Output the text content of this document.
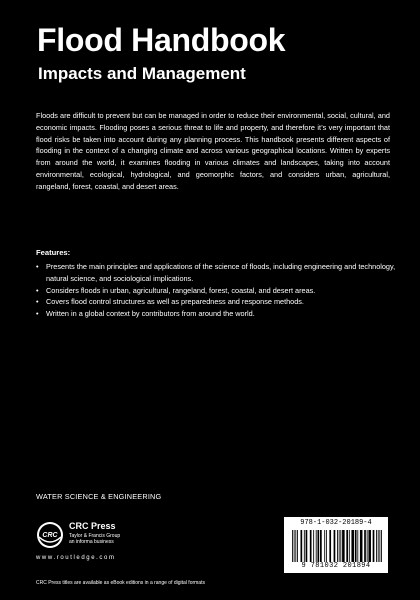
Flood Handbook
Impacts and Management

Floods are difficult to prevent but can be managed in order to reduce their environmental, social, cultural, and economic impacts. Flooding poses a serious threat to life and property, and therefore it’s very important that flood risks be taken into account during any planning process. This handbook presents different aspects of flooding in the context of a changing climate and across various geographical locations. Written by experts from around the world, it examines flooding in various climates and landscapes, taking into account environmental, ecological, hydrological, and geomorphic factors, and considers urban, agricultural, rangeland, forest, coastal, and desert areas.

Features:

• Presents the main principles and applications of the science of floods, including engineering and technology, natural science, and sociological implications.
• Considers floods in urban, agricultural, rangeland, forest, coastal, and desert areas.
• Covers flood control structures as well as preparedness and response methods.
• Written in a global context by contributors from around the world.

WATER SCIENCE & ENGINEERING

CRC
CRC Press
Taylor & Francis Group
an informa business
www.routledge.com

CRC Press titles are available as eBook editions in a range of digital formats

978-1-032-20189-4
9 781032 201894
